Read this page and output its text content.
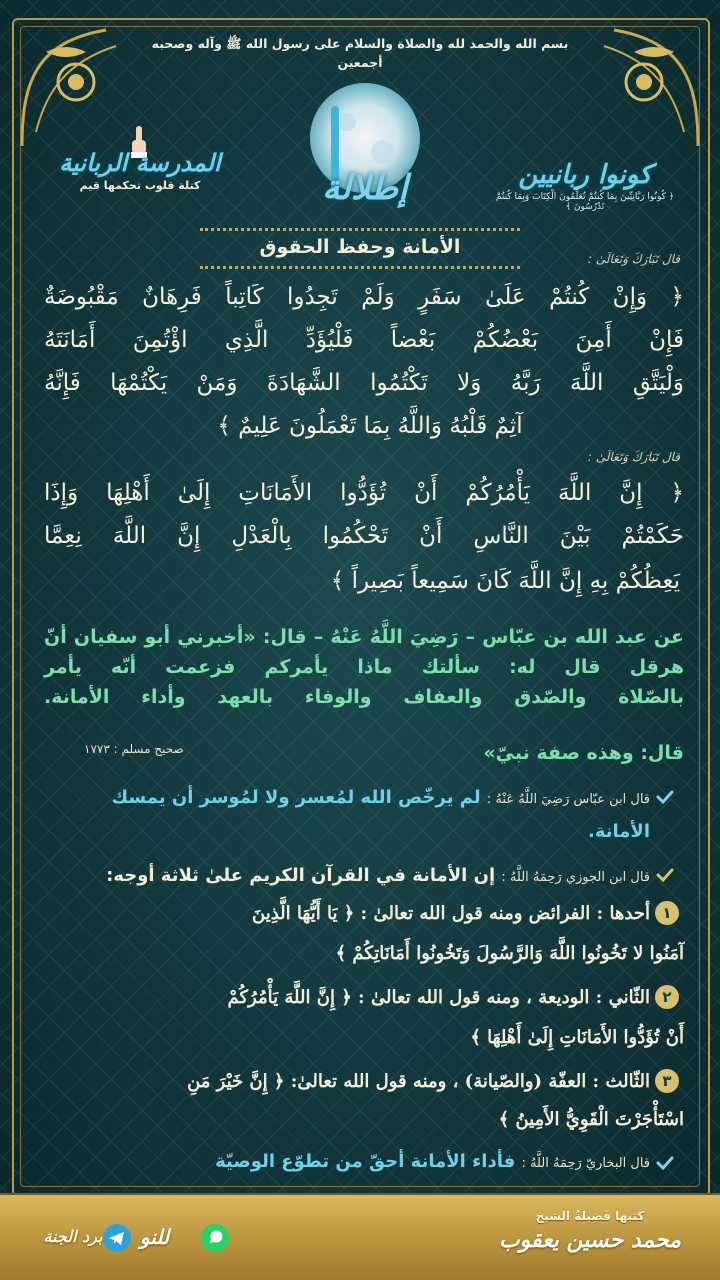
بسم الله والحمد لله والصلاة والسلام على رسول الله ﷺ وآله وصحبه أجمعين
إطلالة	كونوا ربانيين
﴿ كُونُوا رَبَّانِيِّينَ بِمَا كُنتُمْ تُعَلِّمُونَ الْكِتَابَ وَبِمَا كُنتُمْ تَدْرُسُونَ ﴾
المدرسة الربانية
كتلة قلوب تحكمها قيم
الأمانة وحفظ الحقوق
قال تَبَارَكَ وَتَعَالَىٰ :
﴿ وَإِنْ كُنتُمْ عَلَىٰ سَفَرٍ وَلَمْ تَجِدُوا كَاتِباً فَرِهَانٌ مَقْبُوضَةٌ
فَإِنْ أَمِنَ بَعْضُكُمْ بَعْضاً فَلْيُؤَدِّ الَّذِي اؤْتُمِنَ أَمَانَتَهُ
وَلْيَتَّقِ اللَّهَ رَبَّهُ وَلا تَكْتُمُوا الشَّهَادَةَ وَمَنْ يَكْتُمْهَا فَإِنَّهُ
آثِمٌ قَلْبُهُ وَاللَّهُ بِمَا تَعْمَلُونَ عَلِيمٌ ﴾
قال تَبَارَكَ وَتَعَالَىٰ :
﴿ إِنَّ اللَّهَ يَأْمُرُكُمْ أَنْ تُؤَدُّوا الأَمَانَاتِ إِلَىٰ أَهْلِهَا وَإِذَا
حَكَمْتُمْ بَيْنَ النَّاسِ أَنْ تَحْكُمُوا بِالْعَدْلِ إِنَّ اللَّهَ نِعِمَّا
يَعِظُكُمْ بِهِ إِنَّ اللَّهَ كَانَ سَمِيعاً بَصِيراً ﴾
عن عبد الله بن عبّاس – رَضِيَ اللَّهُ عَنْهُ – قال: «أخبرني أبو سفيان أنّ
هرقل قال له: سألتك ماذا يأمركم فزعمت أنّه يأمر
بالصّلاة والصّدق والعفاف والوفاء بالعهد وأداء الأمانة.
قال: وهذه صفة نبيّ»
صحيح مسلم : ١٧٧٣
قال ابن عبّاس رَضِيَ اللَّهُ عَنْهُ : لم يرخّص الله لمُعسر ولا لمُوسر أن يمسك
الأمانة.
قال ابن الجوزي رَحِمَهُ اللَّهُ : إن الأمانة في القرآن الكريم علىٰ ثلاثة أوجه:
١
أحدها : الفرائض ومنه قول الله تعالىٰ : ﴿ يَا أَيُّهَا الَّذِينَ
آمَنُوا لا تَخُونُوا اللَّهَ وَالرَّسُولَ وَتَخُونُوا أَمَانَاتِكُمْ ﴾
٢
الثّاني : الوديعة ، ومنه قول الله تعالىٰ : ﴿ إِنَّ اللَّهَ يَأْمُرُكُمْ
أَنْ تُؤَدُّوا الأَمَانَاتِ إِلَىٰ أَهْلِهَا ﴾
٣
الثّالث : العفّة (والصّيانة) ، ومنه قول الله تعالىٰ: ﴿ إِنَّ خَيْرَ مَنِ
اسْتَأْجَرْتَ الْقَوِيُّ الأَمِينُ ﴾
قال البخاريّ رَحِمَهُ اللَّهُ : فأداء الأمانة أحقّ من تطوّع الوصيّة
كتبها فَضِيلةُ الشيخ
محمد حسين يعقوب
للنو
برد الجنة
